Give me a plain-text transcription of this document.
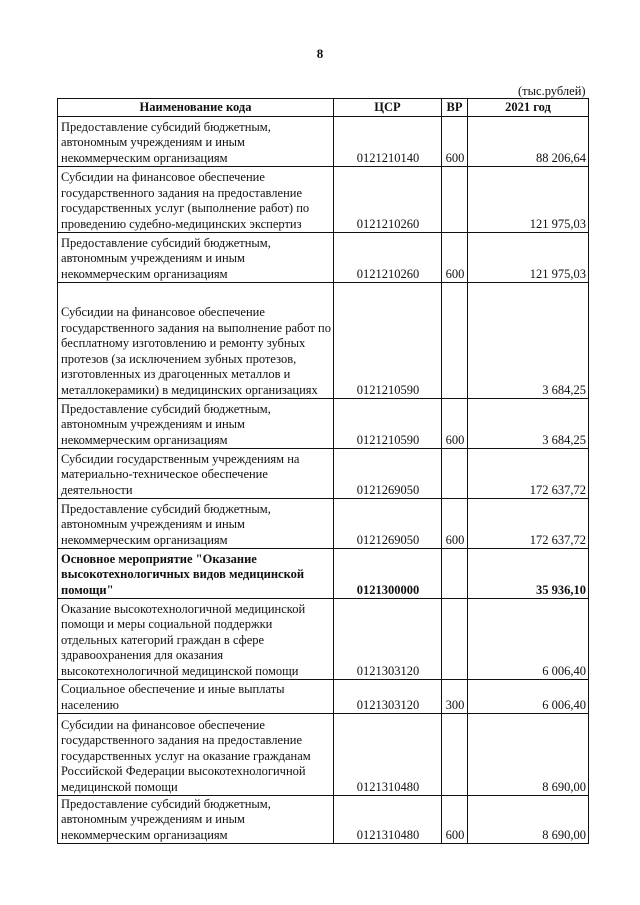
8
(тыс.рублей)
Наименование кода	ЦСР	ВР	2021 год
Предоставление субсидий бюджетным, автономным учреждениям и иным некоммерческим организациям	0121210140	600	88 206,64
Субсидии на финансовое обеспечение государственного задания на предоставление государственных услуг (выполнение работ) по проведению судебно-медицинских экспертиз	0121210260		121 975,03
Предоставление субсидий бюджетным, автономным учреждениям и иным некоммерческим организациям	0121210260	600	121 975,03
Субсидии на финансовое обеспечение государственного задания на выполнение работ по бесплатному изготовлению и ремонту зубных протезов (за исключением зубных протезов, изготовленных из драгоценных металлов и металлокерамики) в медицинских организациях	0121210590		3 684,25
Предоставление субсидий бюджетным, автономным учреждениям и иным некоммерческим организациям	0121210590	600	3 684,25
Субсидии государственным учреждениям на материально-техническое обеспечение деятельности	0121269050		172 637,72
Предоставление субсидий бюджетным, автономным учреждениям и иным некоммерческим организациям	0121269050	600	172 637,72
Основное мероприятие "Оказание высокотехнологичных видов медицинской помощи"	0121300000		35 936,10
Оказание высокотехнологичной медицинской помощи и меры социальной поддержки отдельных категорий граждан в сфере здравоохранения для оказания высокотехнологичной медицинской помощи	0121303120		6 006,40
Социальное обеспечение и иные выплаты населению	0121303120	300	6 006,40
Субсидии на финансовое обеспечение государственного задания на предоставление государственных услуг на оказание гражданам Российской Федерации высокотехнологичной медицинской помощи	0121310480		8 690,00
Предоставление субсидий бюджетным, автономным учреждениям и иным некоммерческим организациям	0121310480	600	8 690,00
